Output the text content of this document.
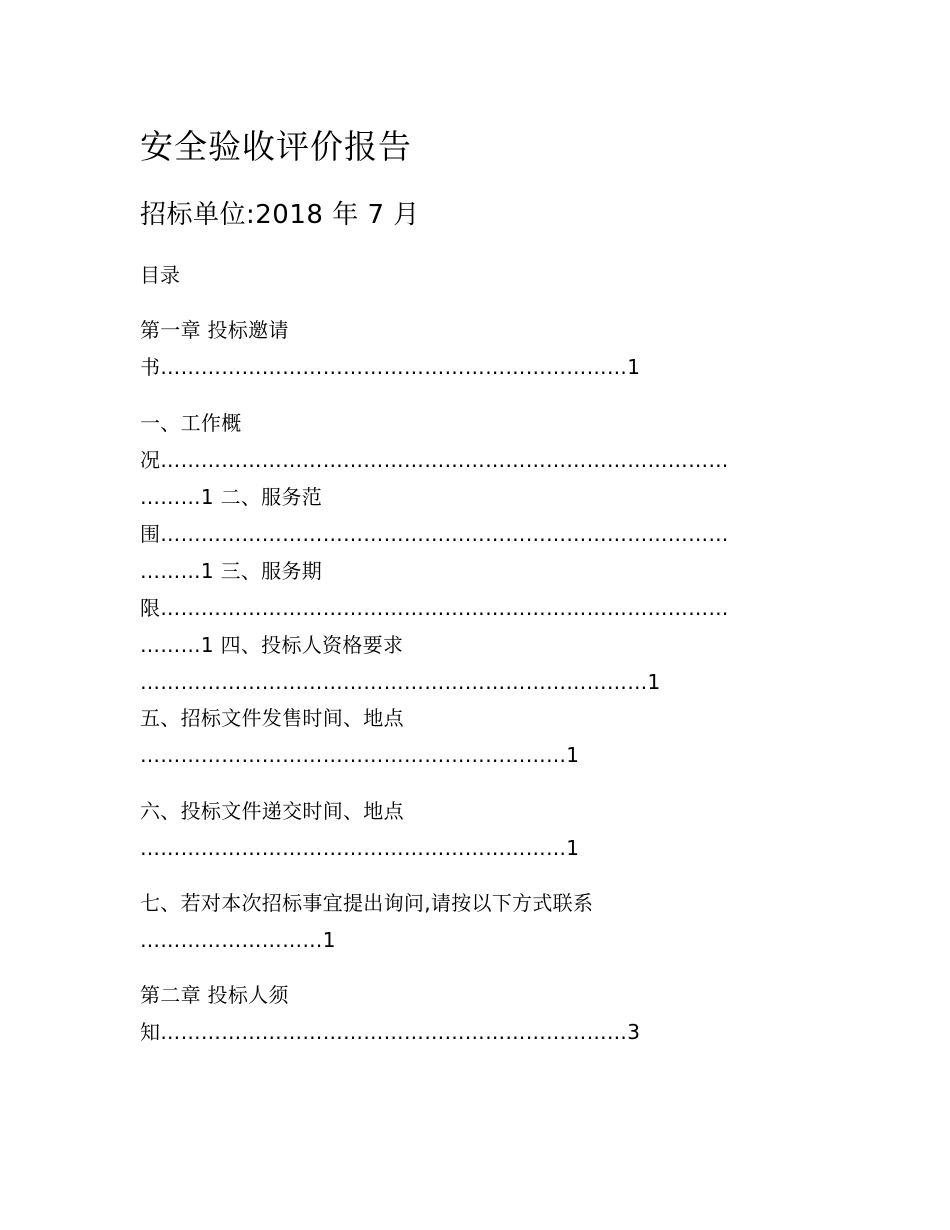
安全验收评价报告
招标单位:2018 年 7 月
目录
第一章 投标邀请
书……………………………………………………………1
一、工作概
况…………………………………………………………………………
………1 二、服务范
围…………………………………………………………………………
………1 三、服务期
限…………………………………………………………………………
………1 四、投标人资格要求
…………………………………………………………………1
五、招标文件发售时间、地点
………………………………………………………1
六、投标文件递交时间、地点
………………………………………………………1
七、若对本次招标事宜提出询问,请按以下方式联系
………………………1
第二章 投标人须
知……………………………………………………………3
